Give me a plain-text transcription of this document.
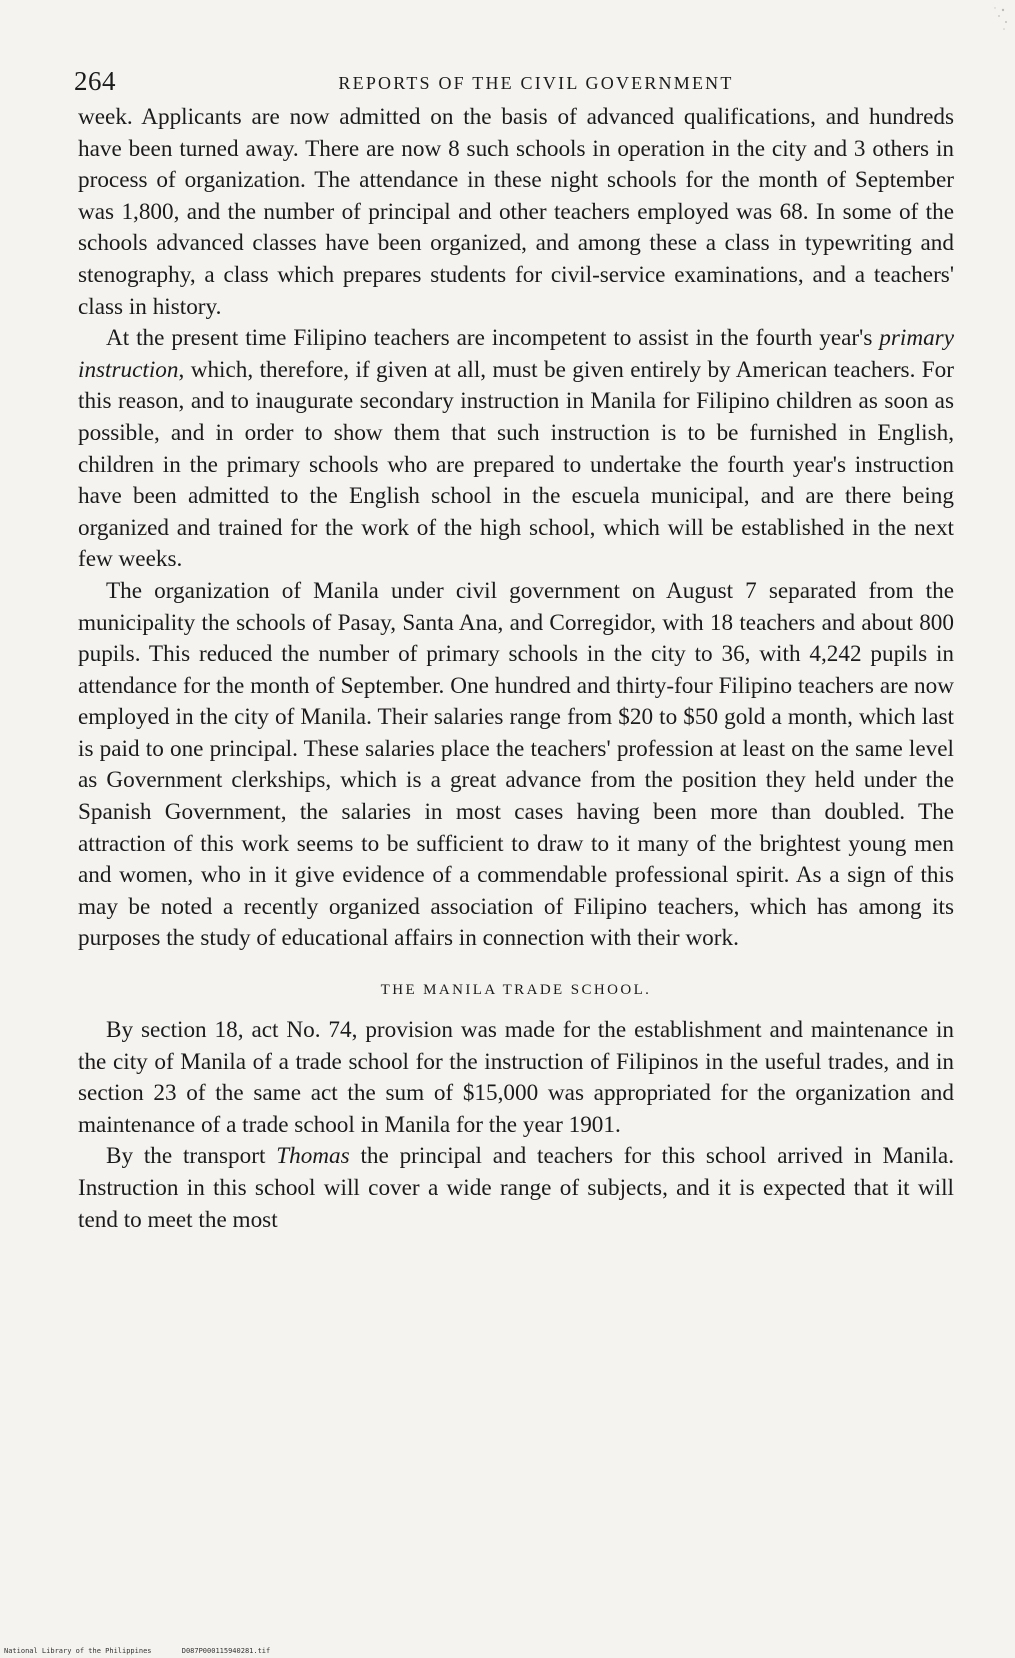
264	REPORTS OF THE CIVIL GOVERNMENT

week. Applicants are now admitted on the basis of advanced qualifications, and hundreds have been turned away. There are now 8 such schools in operation in the city and 3 others in process of organization. The attendance in these night schools for the month of September was 1,800, and the number of principal and other teachers employed was 68. In some of the schools advanced classes have been organized, and among these a class in typewriting and stenography, a class which prepares students for civil-service examinations, and a teachers' class in history.

At the present time Filipino teachers are incompetent to assist in the fourth year's primary instruction, which, therefore, if given at all, must be given entirely by American teachers. For this reason, and to inaugurate secondary instruction in Manila for Filipino children as soon as possible, and in order to show them that such instruction is to be furnished in English, children in the primary schools who are prepared to undertake the fourth year's instruction have been admitted to the English school in the escuela municipal, and are there being organized and trained for the work of the high school, which will be established in the next few weeks.

The organization of Manila under civil government on August 7 separated from the municipality the schools of Pasay, Santa Ana, and Corregidor, with 18 teachers and about 800 pupils. This reduced the number of primary schools in the city to 36, with 4,242 pupils in attendance for the month of September. One hundred and thirty-four Filipino teachers are now employed in the city of Manila. Their salaries range from $20 to $50 gold a month, which last is paid to one principal. These salaries place the teachers' profession at least on the same level as Government clerkships, which is a great advance from the position they held under the Spanish Government, the salaries in most cases having been more than doubled. The attraction of this work seems to be sufficient to draw to it many of the brightest young men and women, who in it give evidence of a commendable professional spirit. As a sign of this may be noted a recently organized association of Filipino teachers, which has among its purposes the study of educational affairs in connection with their work.

THE MANILA TRADE SCHOOL.

By section 18, act No. 74, provision was made for the establishment and maintenance in the city of Manila of a trade school for the instruction of Filipinos in the useful trades, and in section 23 of the same act the sum of $15,000 was appropriated for the organization and maintenance of a trade school in Manila for the year 1901.

By the transport Thomas the principal and teachers for this school arrived in Manila. Instruction in this school will cover a wide range of subjects, and it is expected that it will tend to meet the most

National Library of the Philippines	D087P000115940281.tif
